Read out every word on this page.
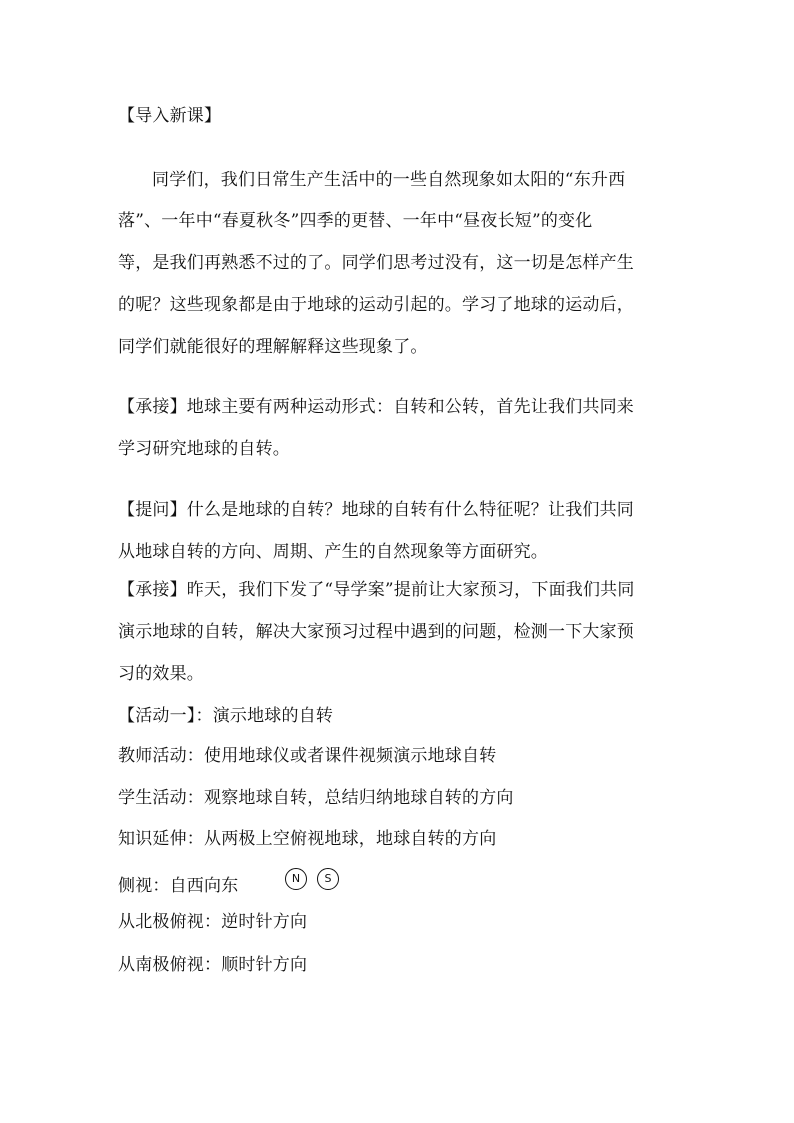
【导入新课】
同学们，我们日常生产生活中的一些自然现象如太阳的“东升西
落”、一年中“春夏秋冬”四季的更替、一年中“昼夜长短”的变化
等，是我们再熟悉不过的了。同学们思考过没有，这一切是怎样产生
的呢？这些现象都是由于地球的运动引起的。学习了地球的运动后，
同学们就能很好的理解解释这些现象了。
【承接】地球主要有两种运动形式：自转和公转，首先让我们共同来
学习研究地球的自转。
【提问】什么是地球的自转？地球的自转有什么特征呢？让我们共同
从地球自转的方向、周期、产生的自然现象等方面研究。
【承接】昨天，我们下发了“导学案”提前让大家预习，下面我们共同
演示地球的自转，解决大家预习过程中遇到的问题，检测一下大家预
习的效果。
【活动一】：演示地球的自转
教师活动：使用地球仪或者课件视频演示地球自转
学生活动：观察地球自转，总结归纳地球自转的方向
知识延伸：从两极上空俯视地球，地球自转的方向
侧视：自西向东
从北极俯视：逆时针方向
从南极俯视：顺时针方向
N	S
